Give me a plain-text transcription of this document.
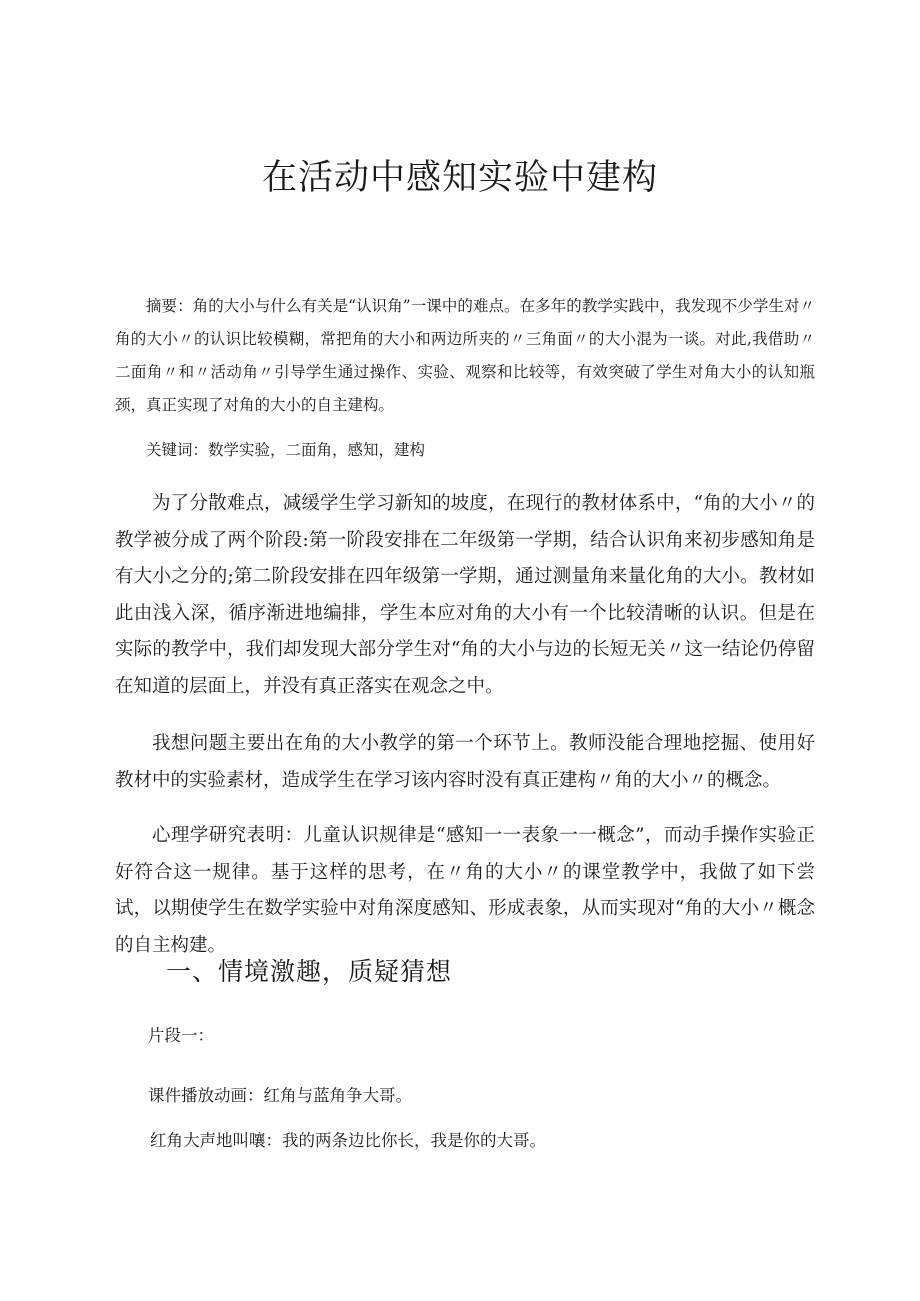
在活动中感知实验中建构

摘要：角的大小与什么有关是“认识角”一课中的难点。在多年的教学实践中，我发现不少学生对〃角的大小〃的认识比较模糊，常把角的大小和两边所夹的〃三角面〃的大小混为一谈。对此,我借助〃二面角〃和〃活动角〃引导学生通过操作、实验、观察和比较等，有效突破了学生对角大小的认知瓶颈，真正实现了对角的大小的自主建构。

关键词：数学实验，二面角，感知，建构

为了分散难点，减缓学生学习新知的坡度，在现行的教材体系中，“角的大小〃的教学被分成了两个阶段:第一阶段安排在二年级第一学期，结合认识角来初步感知角是有大小之分的;第二阶段安排在四年级第一学期，通过测量角来量化角的大小。教材如此由浅入深，循序渐进地编排，学生本应对角的大小有一个比较清晰的认识。但是在实际的教学中，我们却发现大部分学生对“角的大小与边的长短无关〃这一结论仍停留在知道的层面上，并没有真正落实在观念之中。

我想问题主要出在角的大小教学的第一个环节上。教师没能合理地挖掘、使用好教材中的实验素材，造成学生在学习该内容时没有真正建构〃角的大小〃的概念。

心理学研究表明：儿童认识规律是“感知一一表象一一概念”，而动手操作实验正好符合这一规律。基于这样的思考，在〃角的大小〃的课堂教学中，我做了如下尝试，以期使学生在数学实验中对角深度感知、形成表象，从而实现对“角的大小〃概念的自主构建。

一、情境激趣，质疑猜想

片段一：

课件播放动画：红角与蓝角争大哥。

红角大声地叫嚷：我的两条边比你长，我是你的大哥。
